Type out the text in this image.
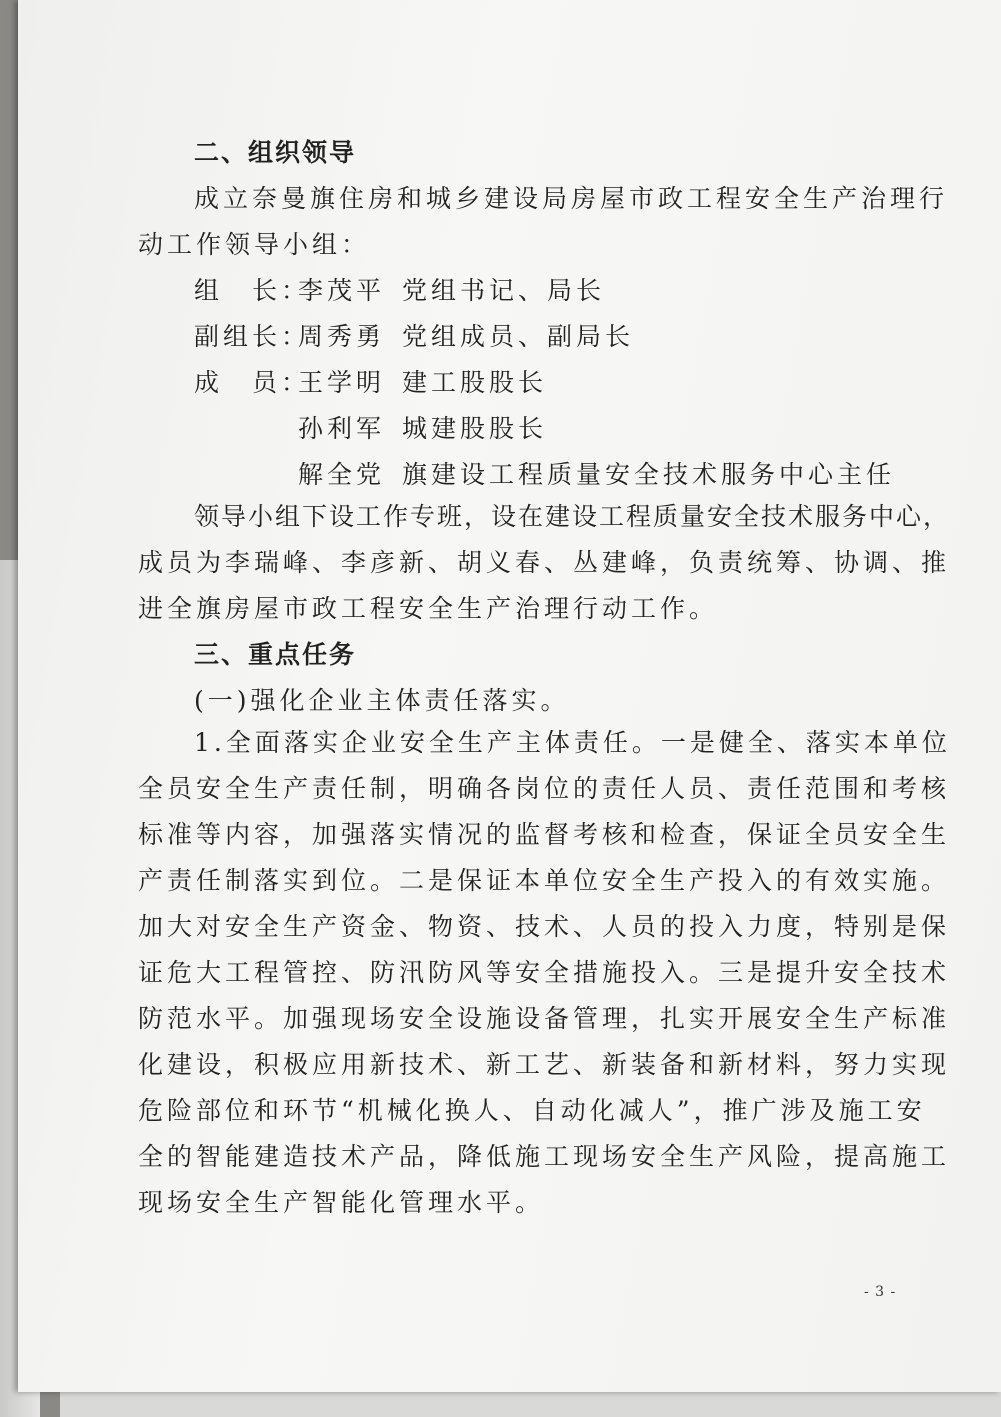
二、组织领导
成立奈曼旗住房和城乡建设局房屋市政工程安全生产治理行
动工作领导小组：
组　长：李茂平 党组书记、局长
副组长：周秀勇 党组成员、副局长
成　员：王学明 建工股股长
孙利军 城建股股长
解全党 旗建设工程质量安全技术服务中心主任
领导小组下设工作专班，设在建设工程质量安全技术服务中心，
成员为李瑞峰、李彦新、胡义春、丛建峰，负责统筹、协调、推
进全旗房屋市政工程安全生产治理行动工作。
三、重点任务
(一)强化企业主体责任落实。
1.全面落实企业安全生产主体责任。一是健全、落实本单位
全员安全生产责任制，明确各岗位的责任人员、责任范围和考核
标准等内容，加强落实情况的监督考核和检查，保证全员安全生
产责任制落实到位。二是保证本单位安全生产投入的有效实施。
加大对安全生产资金、物资、技术、人员的投入力度，特别是保
证危大工程管控、防汛防风等安全措施投入。三是提升安全技术
防范水平。加强现场安全设施设备管理，扎实开展安全生产标准
化建设，积极应用新技术、新工艺、新装备和新材料，努力实现
危险部位和环节“机械化换人、自动化减人”，推广涉及施工安
全的智能建造技术产品，降低施工现场安全生产风险，提高施工
现场安全生产智能化管理水平。
- 3 -
